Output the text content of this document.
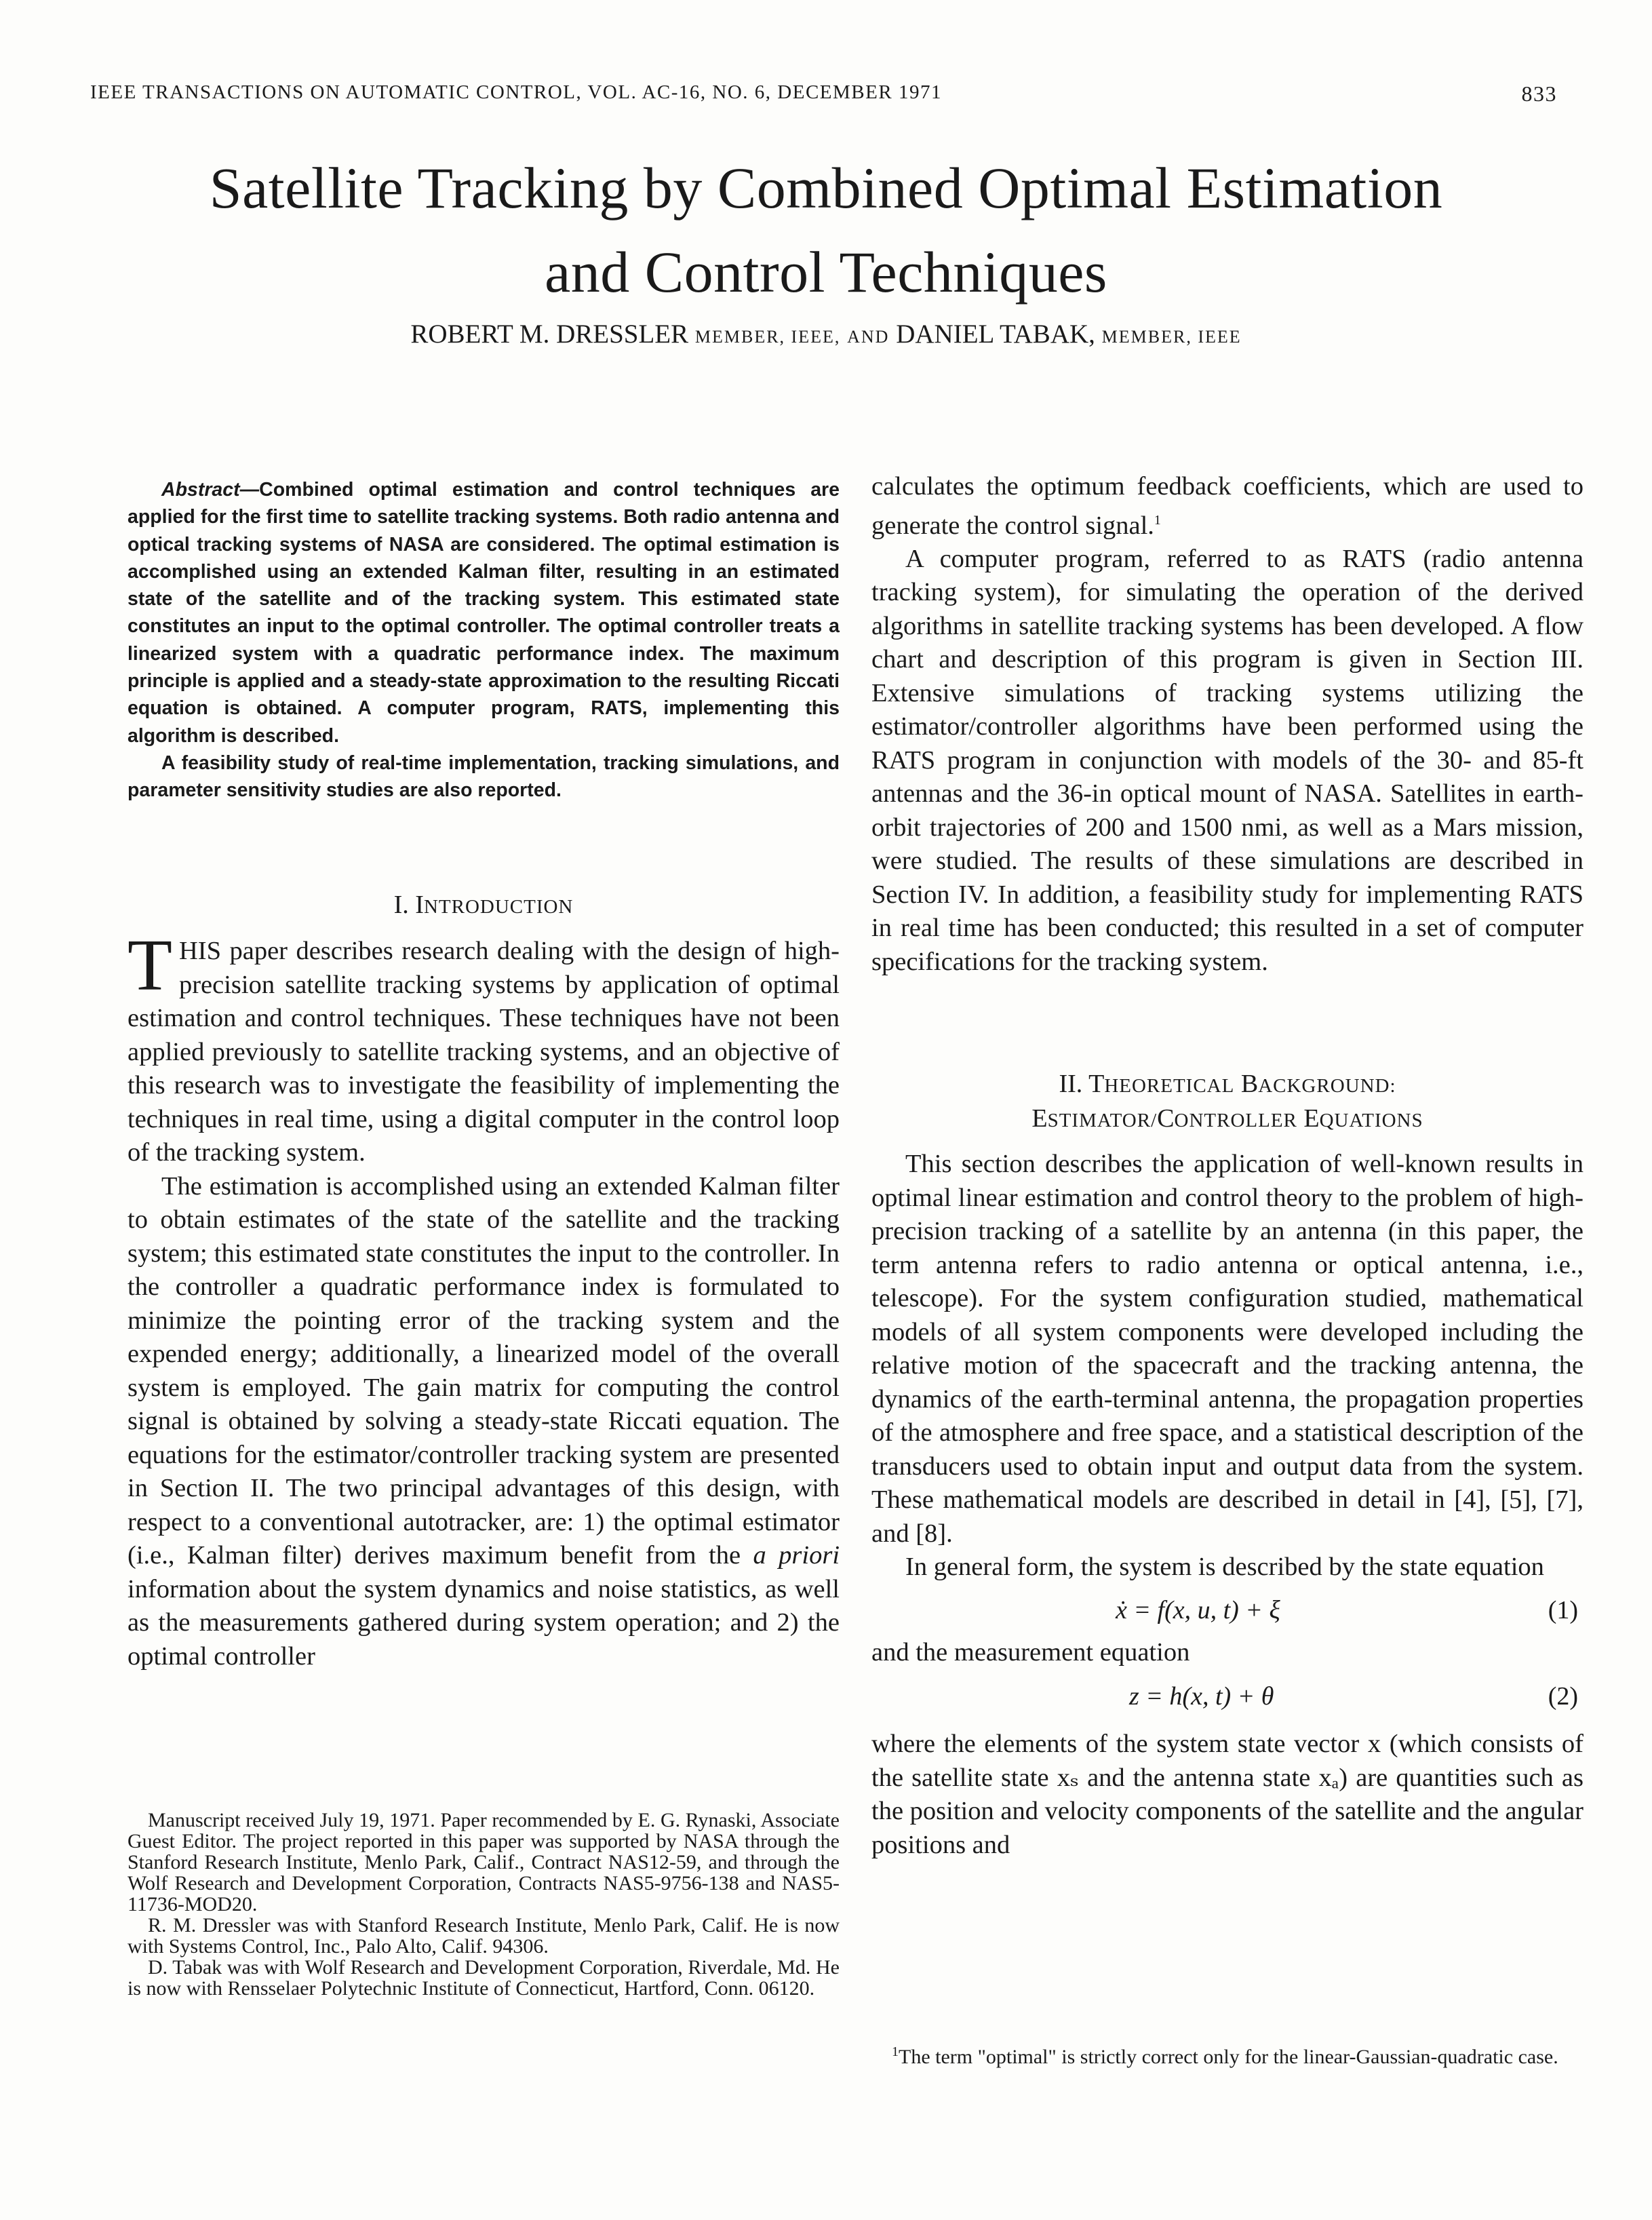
IEEE TRANSACTIONS ON AUTOMATIC CONTROL, VOL. AC-16, NO. 6, DECEMBER 1971	833
Satellite Tracking by Combined Optimal Estimation
and Control Techniques
ROBERT M. DRESSLER MEMBER, IEEE, AND DANIEL TABAK, MEMBER, IEEE

Abstract—Combined optimal estimation and control techniques are applied for the first time to satellite tracking systems. Both radio antenna and optical tracking systems of NASA are considered. The optimal estimation is accomplished using an extended Kalman filter, resulting in an estimated state of the satellite and of the tracking system. This estimated state constitutes an input to the optimal controller. The optimal controller treats a linearized system with a quadratic performance index. The maximum principle is applied and a steady-state approximation to the resulting Riccati equation is obtained. A computer program, RATS, implementing this algorithm is described.

A feasibility study of real-time implementation, tracking simulations, and parameter sensitivity studies are also reported.

I. INTRODUCTION

THIS paper describes research dealing with the design of high-precision satellite tracking systems by application of optimal estimation and control techniques. These techniques have not been applied previously to satellite tracking systems, and an objective of this research was to investigate the feasibility of implementing the techniques in real time, using a digital computer in the control loop of the tracking system.

The estimation is accomplished using an extended Kalman filter to obtain estimates of the state of the satellite and the tracking system; this estimated state constitutes the input to the controller. In the controller a quadratic performance index is formulated to minimize the pointing error of the tracking system and the expended energy; additionally, a linearized model of the overall system is employed. The gain matrix for computing the control signal is obtained by solving a steady-state Riccati equation. The equations for the estimator/controller tracking system are presented in Section II. The two principal advantages of this design, with respect to a conventional autotracker, are: 1) the optimal estimator (i.e., Kalman filter) derives maximum benefit from the a priori information about the system dynamics and noise statistics, as well as the measurements gathered during system operation; and 2) the optimal controller

Manuscript received July 19, 1971. Paper recommended by E. G. Rynaski, Associate Guest Editor. The project reported in this paper was supported by NASA through the Stanford Research Institute, Menlo Park, Calif., Contract NAS12-59, and through the Wolf Research and Development Corporation, Contracts NAS5-9756-138 and NAS5-11736-MOD20.

R. M. Dressler was with Stanford Research Institute, Menlo Park, Calif. He is now with Systems Control, Inc., Palo Alto, Calif. 94306.

D. Tabak was with Wolf Research and Development Corporation, Riverdale, Md. He is now with Rensselaer Polytechnic Institute of Connecticut, Hartford, Conn. 06120.

calculates the optimum feedback coefficients, which are used to generate the control signal.$^1$

A computer program, referred to as RATS (radio antenna tracking system), for simulating the operation of the derived algorithms in satellite tracking systems has been developed. A flow chart and description of this program is given in Section III. Extensive simulations of tracking systems utilizing the estimator/controller algorithms have been performed using the RATS program in conjunction with models of the 30- and 85-ft antennas and the 36-in optical mount of NASA. Satellites in earth-orbit trajectories of 200 and 1500 nmi, as well as a Mars mission, were studied. The results of these simulations are described in Section IV. In addition, a feasibility study for implementing RATS in real time has been conducted; this resulted in a set of computer specifications for the tracking system.

II. THEORETICAL BACKGROUND:
ESTIMATOR/CONTROLLER EQUATIONS

This section describes the application of well-known results in optimal linear estimation and control theory to the problem of high-precision tracking of a satellite by an antenna (in this paper, the term antenna refers to radio antenna or optical antenna, i.e., telescope). For the system configuration studied, mathematical models of all system components were developed including the relative motion of the spacecraft and the tracking antenna, the dynamics of the earth-terminal antenna, the propagation properties of the atmosphere and free space, and a statistical description of the transducers used to obtain input and output data from the system. These mathematical models are described in detail in [4], [5], [7], and [8].

In general form, the system is described by the state equation

ẋ = f(x, u, t) + ξ	(1)

and the measurement equation

z = h(x, t) + θ	(2)

where the elements of the system state vector x (which consists of the satellite state xₛ and the antenna state xₐ) are quantities such as the position and velocity components of the satellite and the angular positions and

$^1$The term "optimal" is strictly correct only for the linear-Gaussian-quadratic case.
